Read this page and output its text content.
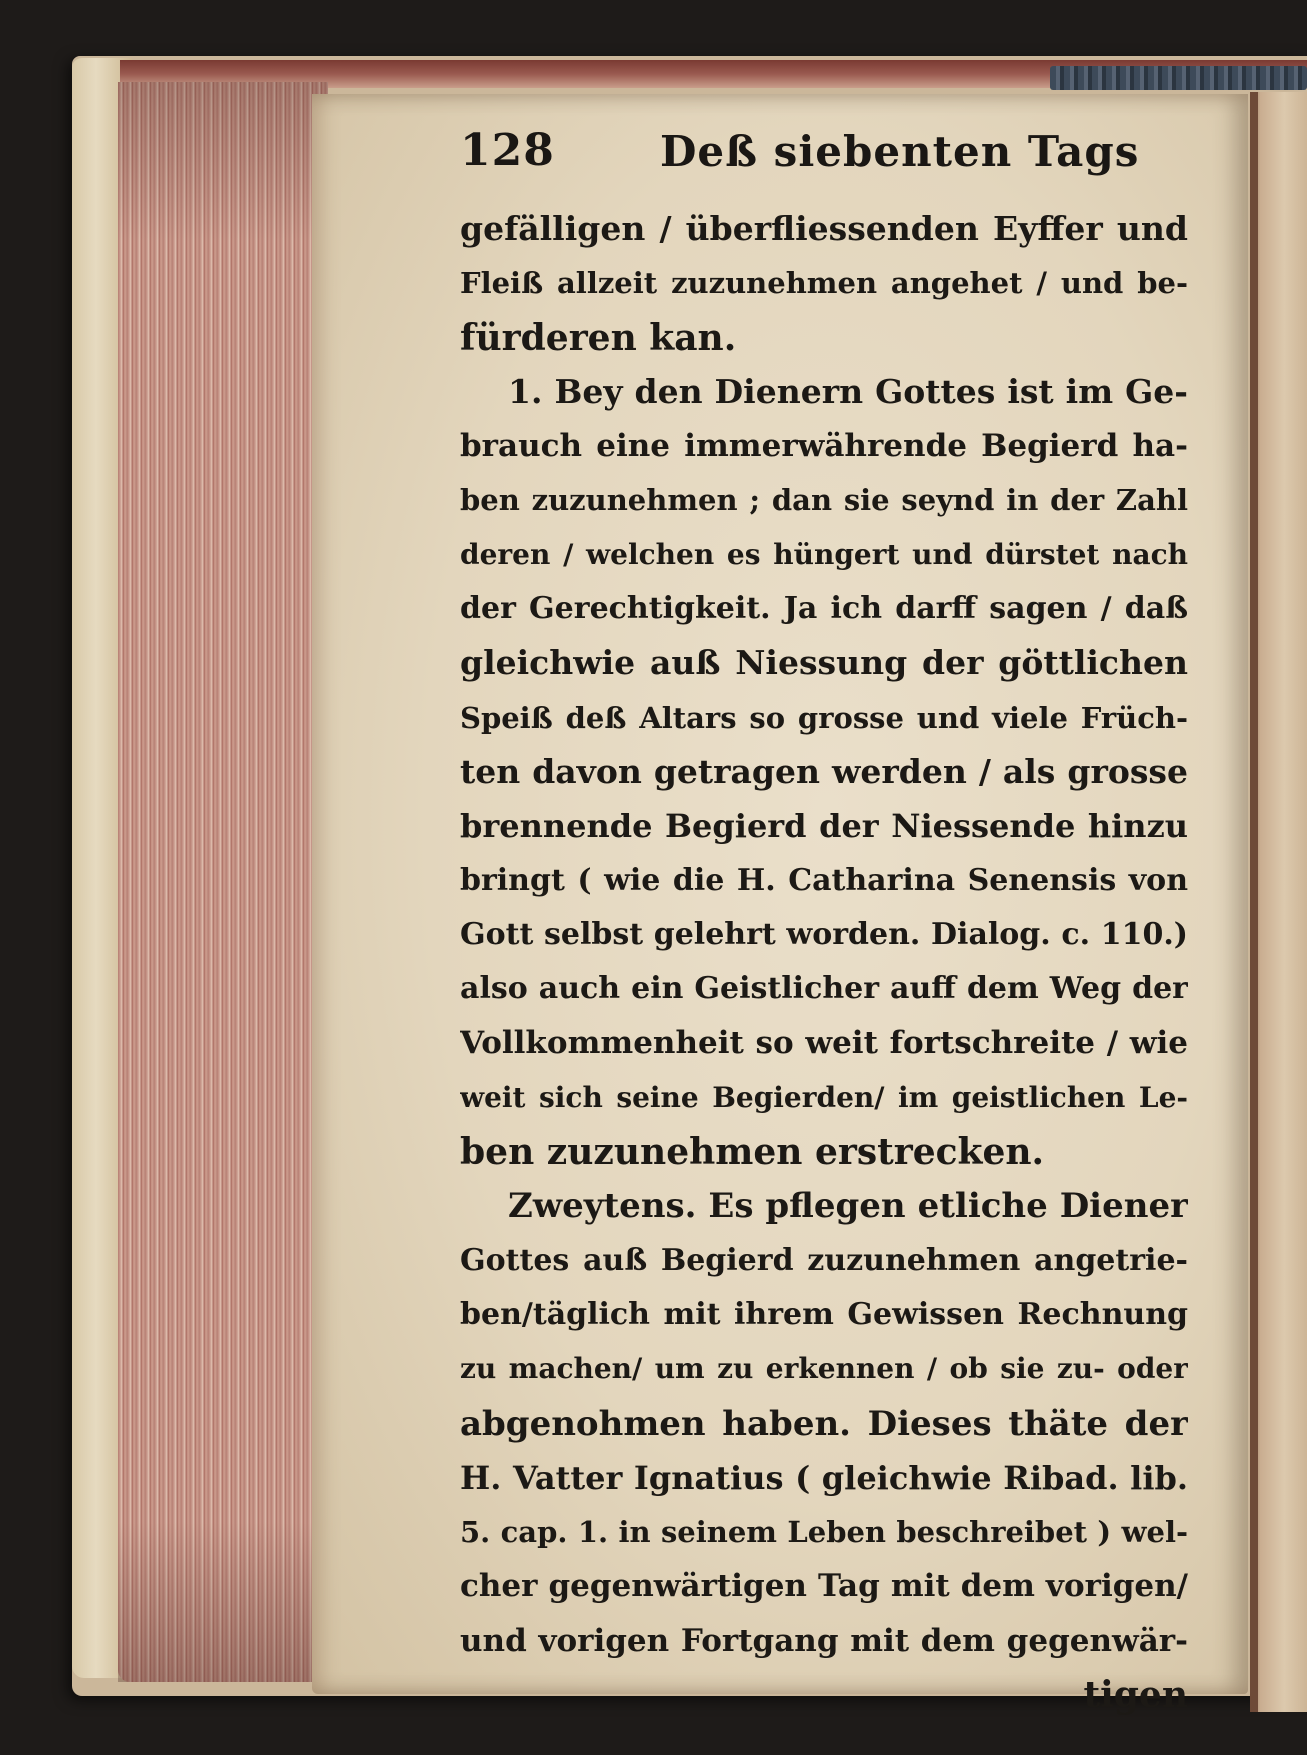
128	Deß siebenten Tags
gefälligen / überfliessenden Eyffer und
Fleiß allzeit zuzunehmen angehet / und be-
fürderen kan.
1. Bey den Dienern Gottes ist im Ge-
brauch eine immerwährende Begierd ha-
ben zuzunehmen ; dan sie seynd in der Zahl
deren / welchen es hüngert und dürstet nach
der Gerechtigkeit. Ja ich darff sagen / daß
gleichwie auß Niessung der göttlichen
Speiß deß Altars so grosse und viele Früch-
ten davon getragen werden / als grosse
brennende Begierd der Niessende hinzu
bringt ( wie die H. Catharina Senensis von
Gott selbst gelehrt worden. Dialog. c. 110.)
also auch ein Geistlicher auff dem Weg der
Vollkommenheit so weit fortschreite / wie
weit sich seine Begierden/ im geistlichen Le-
ben zuzunehmen erstrecken.
Zweytens. Es pflegen etliche Diener
Gottes auß Begierd zuzunehmen angetrie-
ben/täglich mit ihrem Gewissen Rechnung
zu machen/ um zu erkennen / ob sie zu- oder
abgenohmen haben. Dieses thäte der
H. Vatter Ignatius ( gleichwie Ribad. lib.
5. cap. 1. in seinem Leben beschreibet ) wel-
cher gegenwärtigen Tag mit dem vorigen/
und vorigen Fortgang mit dem gegenwär-
tigen
